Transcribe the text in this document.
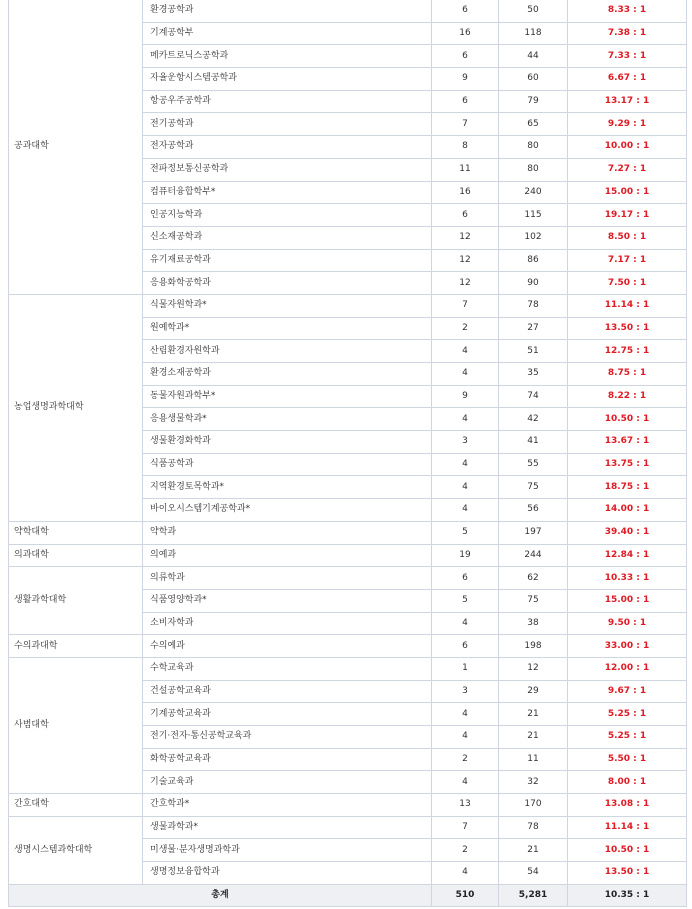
공과대학	환경공학과	6	50	8.33 : 1
	기계공학부	16	118	7.38 : 1
	메카트로닉스공학과	6	44	7.33 : 1
	자율운항시스템공학과	9	60	6.67 : 1
	항공우주공학과	6	79	13.17 : 1
	전기공학과	7	65	9.29 : 1
	전자공학과	8	80	10.00 : 1
	전파정보통신공학과	11	80	7.27 : 1
	컴퓨터융합학부*	16	240	15.00 : 1
	인공지능학과	6	115	19.17 : 1
	신소재공학과	12	102	8.50 : 1
	유기재료공학과	12	86	7.17 : 1
	응용화학공학과	12	90	7.50 : 1
농업생명과학대학	식물자원학과*	7	78	11.14 : 1
	원예학과*	2	27	13.50 : 1
	산림환경자원학과	4	51	12.75 : 1
	환경소재공학과	4	35	8.75 : 1
	동물자원과학부*	9	74	8.22 : 1
	응용생물학과*	4	42	10.50 : 1
	생물환경화학과	3	41	13.67 : 1
	식품공학과	4	55	13.75 : 1
	지역환경토목학과*	4	75	18.75 : 1
	바이오시스템기계공학과*	4	56	14.00 : 1
약학대학	약학과	5	197	39.40 : 1
의과대학	의예과	19	244	12.84 : 1
생활과학대학	의류학과	6	62	10.33 : 1
	식품영양학과*	5	75	15.00 : 1
	소비자학과	4	38	9.50 : 1
수의과대학	수의예과	6	198	33.00 : 1
사범대학	수학교육과	1	12	12.00 : 1
	건설공학교육과	3	29	9.67 : 1
	기계공학교육과	4	21	5.25 : 1
	전기·전자·통신공학교육과	4	21	5.25 : 1
	화학공학교육과	2	11	5.50 : 1
	기술교육과	4	32	8.00 : 1
간호대학	간호학과*	13	170	13.08 : 1
생명시스템과학대학	생물과학과*	7	78	11.14 : 1
	미생물·분자생명과학과	2	21	10.50 : 1
	생명정보융합학과	4	54	13.50 : 1
총계		510	5,281	10.35 : 1
